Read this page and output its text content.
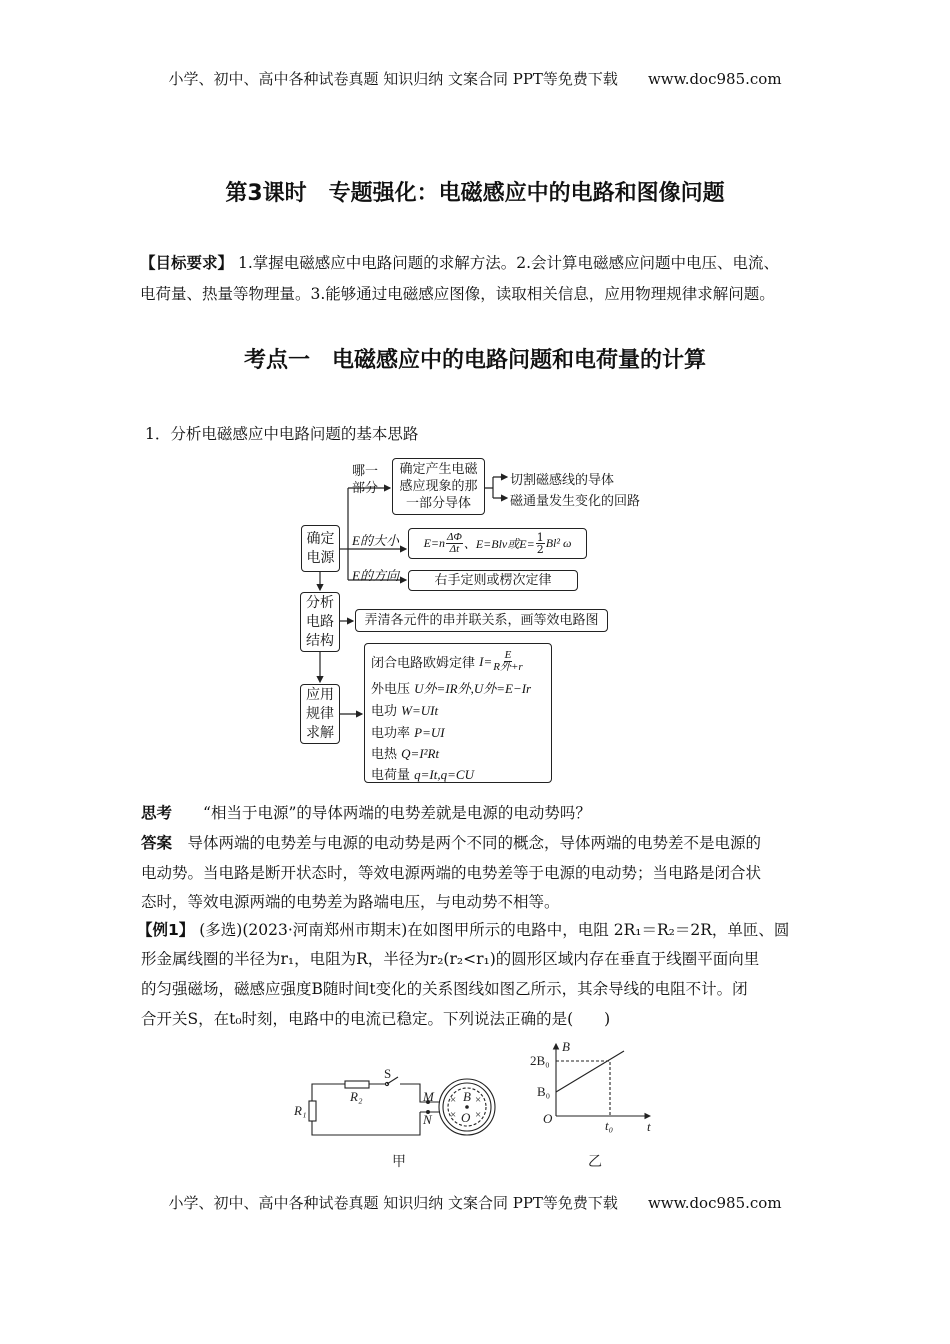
小学、初中、高中各种试卷真题 知识归纳 文案合同 PPT等免费下载　　 www.doc985.com
第3课时　专题强化：电磁感应中的电路和图像问题
【目标要求】 1.掌握电磁感应中电路问题的求解方法。2.会计算电磁感应问题中电压、电流、
电荷量、热量等物理量。3.能够通过电磁感应图像，读取相关信息，应用物理规律求解问题。
考点一　电磁感应中的电路问题和电荷量的计算
1．分析电磁感应中电路问题的基本思路
确定
电源
分析
电路
结构
应用
规律
求解
哪一
部分
确定产生电磁
感应现象的那
一部分导体
切割磁感线的导体
磁通量发生变化的回路
E的大小 $E=n \frac{\Delta\Phi}{\Delta t}$ 、E=Blv或$E= \frac{1}{2} Bl^2$ ω
E的方向	右手定则或楞次定律
弄清各元件的串并联关系，画等效电路图
闭合电路欧姆定律
$I= \frac{E}{\text{R外+r}}$
外电压 U外=IR外,U外=E−Ir
电功 W=UIt
电功率 P=UI
电热 Q=I²Rt
电荷量 q=It,q=CU
思考　　 “相当于电源”的导体两端的电势差就是电源的电动势吗？
答案　 导体两端的电势差与电源的电动势是两个不同的概念，导体两端的电势差不是电源的
电动势。当电路是断开状态时，等效电源两端的电势差等于电源的电动势；当电路是闭合状
态时，等效电源两端的电势差为路端电压，与电动势不相等。
【例1】 (多选)(2023·河南郑州市期末)在如图甲所示的电路中，电阻 2R₁＝R₂＝2R，单匝、圆
形金属线圈的半径为r₁，电阻为R，半径为r₂(r₂<r₁)的圆形区域内存在垂直于线圈平面向里
的匀强磁场，磁感应强度B随时间t变化的关系图线如图乙所示，其余导线的电阻不计。闭
合开关S，在t₀时刻，电路中的电流已稳定。下列说法正确的是(　　)
R₁
R₂
S
M
N
B
O
× ×
× ×
甲
B
t
O
B₀
2B₀
t₀
乙
小学、初中、高中各种试卷真题 知识归纳 文案合同 PPT等免费下载　　 www.doc985.com
